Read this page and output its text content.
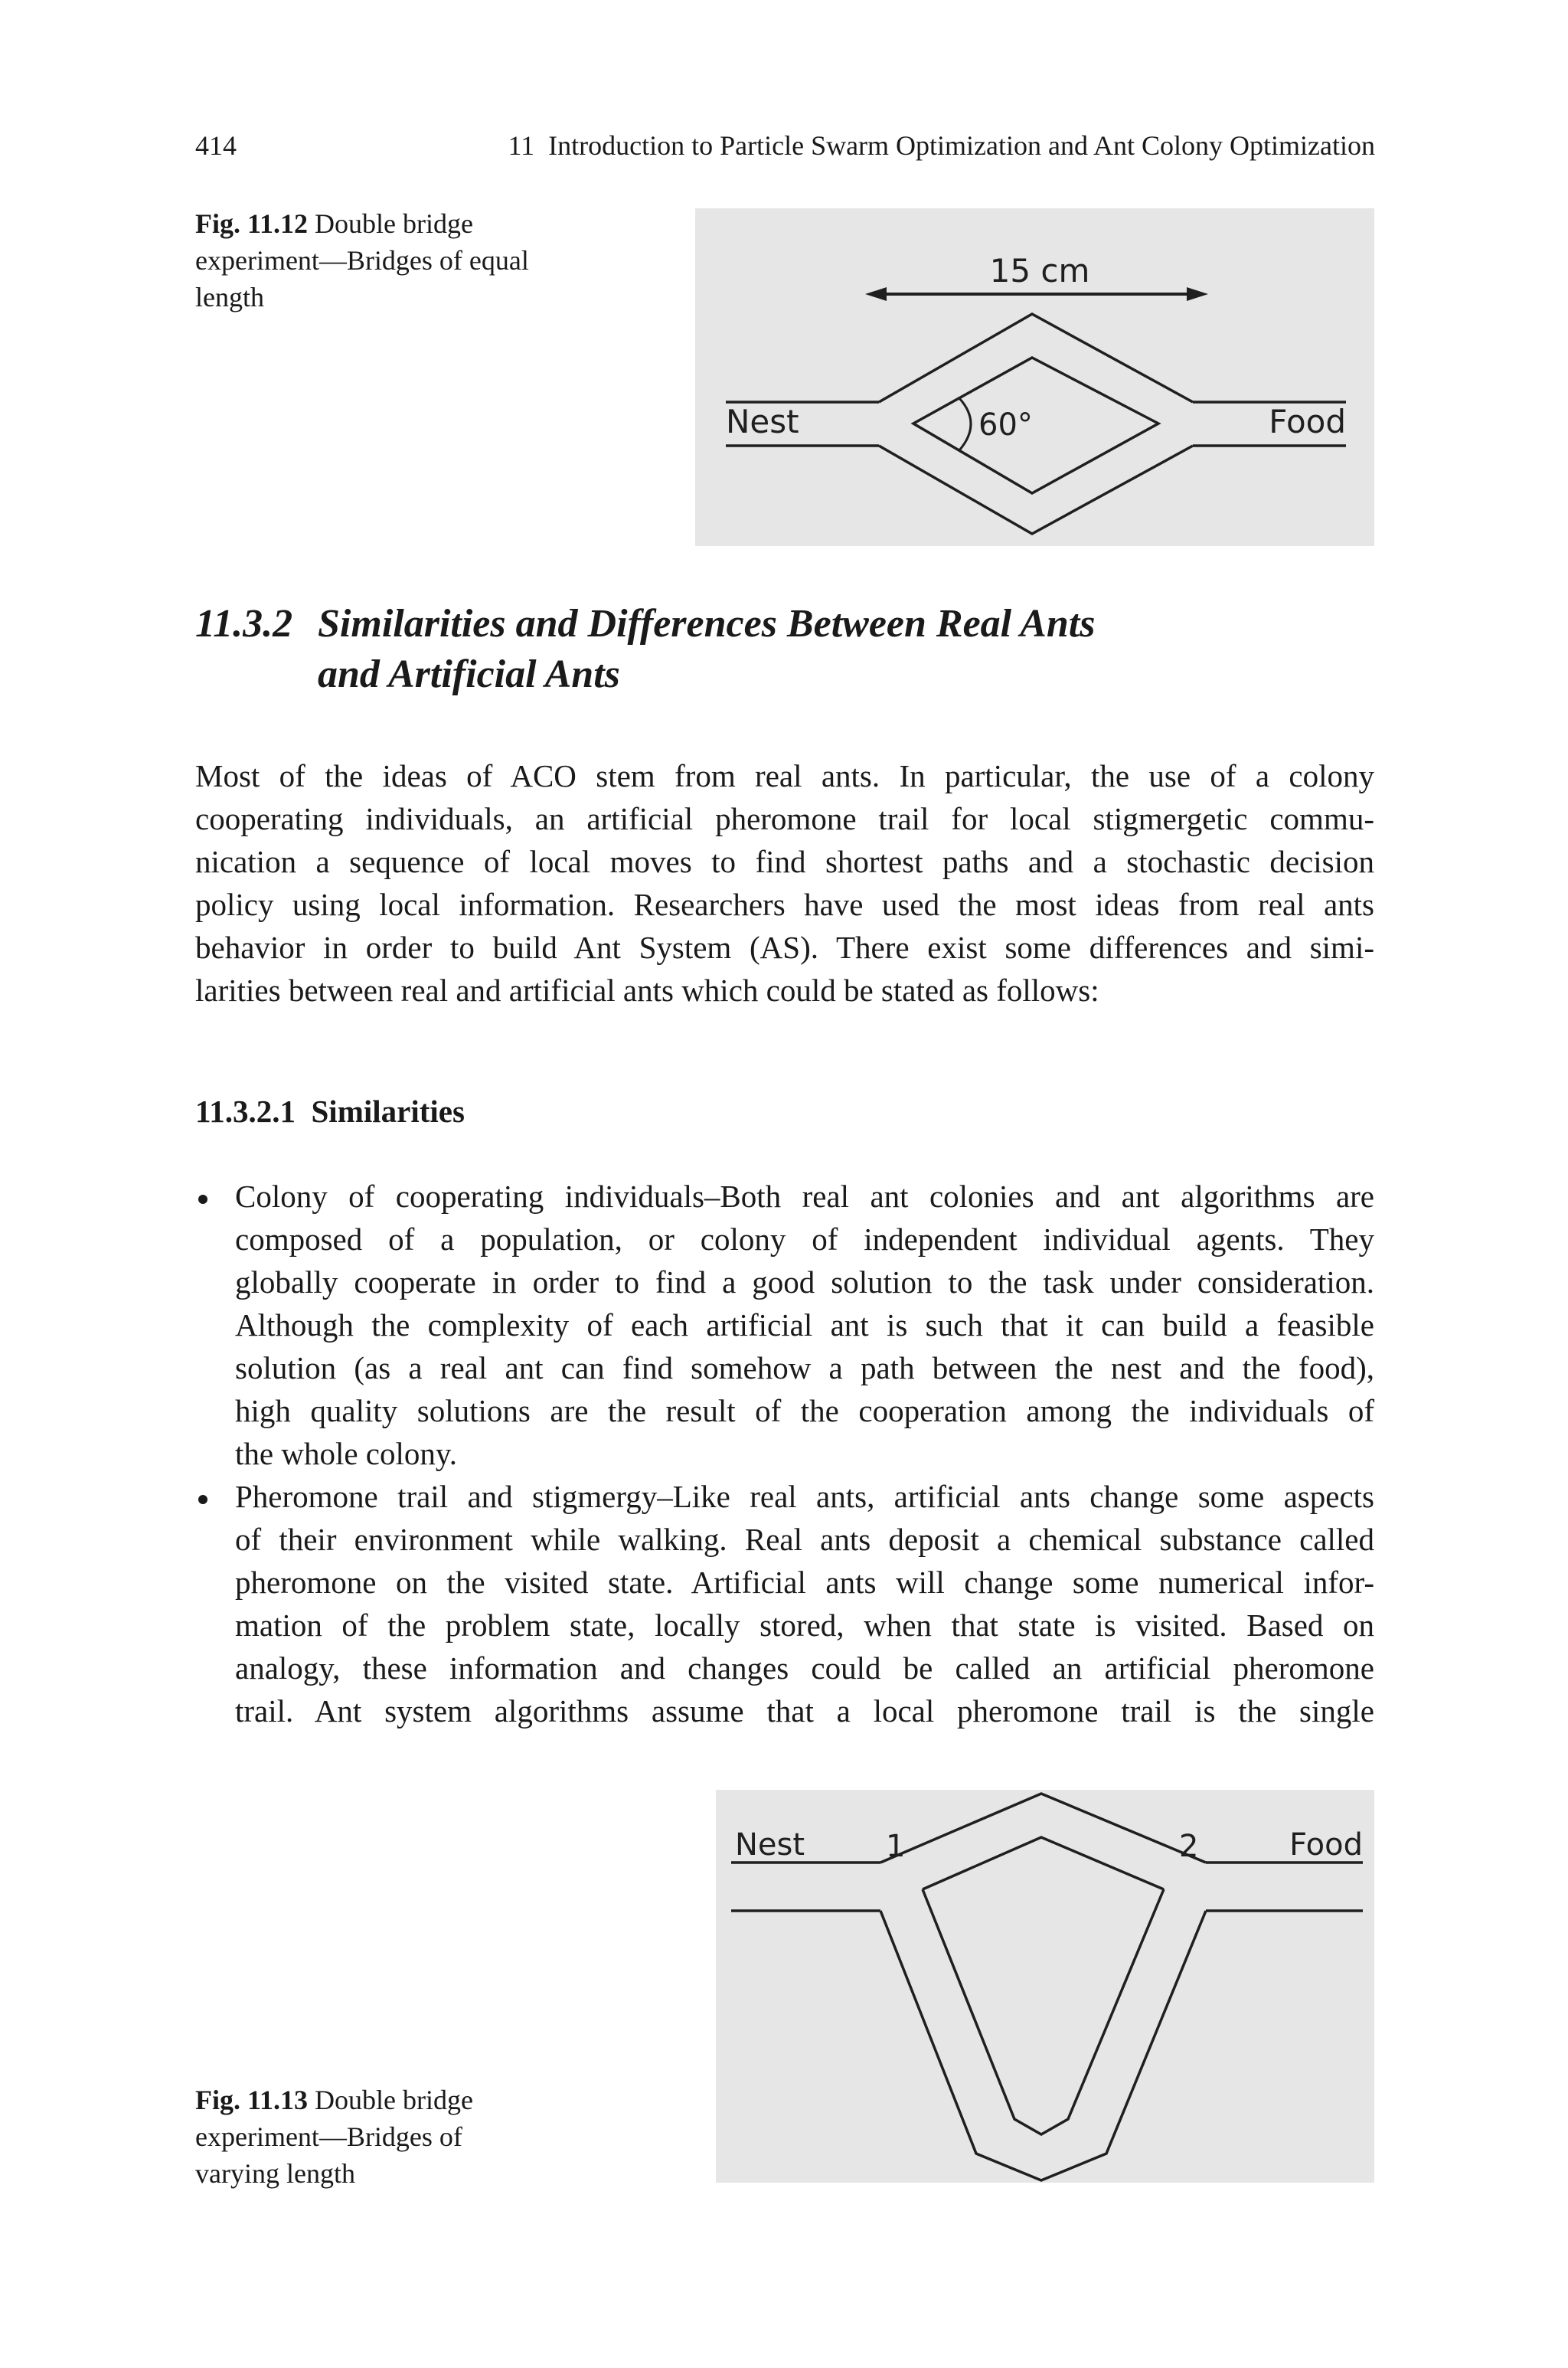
414	11  Introduction to Particle Swarm Optimization and Ant Colony Optimization
Fig. 11.12 Double bridge experiment—Bridges of equal length
15 cm
60°
Nest	Food
11.3.2 Similarities and Differences Between Real Ants
and Artificial Ants
Most of the ideas of ACO stem from real ants. In particular, the use of a colony
cooperating individuals, an artificial pheromone trail for local stigmergetic commu-
nication a sequence of local moves to find shortest paths and a stochastic decision
policy using local information. Researchers have used the most ideas from real ants
behavior in order to build Ant System (AS). There exist some differences and simi-
larities between real and artificial ants which could be stated as follows:
11.3.2.1 Similarities
Colony of cooperating individuals–Both real ant colonies and ant algorithms are
composed of a population, or colony of independent individual agents. They
globally cooperate in order to find a good solution to the task under consideration.
Although the complexity of each artificial ant is such that it can build a feasible
solution (as a real ant can find somehow a path between the nest and the food),
high quality solutions are the result of the cooperation among the individuals of
the whole colony.
Pheromone trail and stigmergy–Like real ants, artificial ants change some aspects
of their environment while walking. Real ants deposit a chemical substance called
pheromone on the visited state. Artificial ants will change some numerical infor-
mation of the problem state, locally stored, when that state is visited. Based on
analogy, these information and changes could be called an artificial pheromone
trail. Ant system algorithms assume that a local pheromone trail is the single
Nest	Food
1	2
Fig. 11.13 Double bridge experiment—Bridges of varying length
